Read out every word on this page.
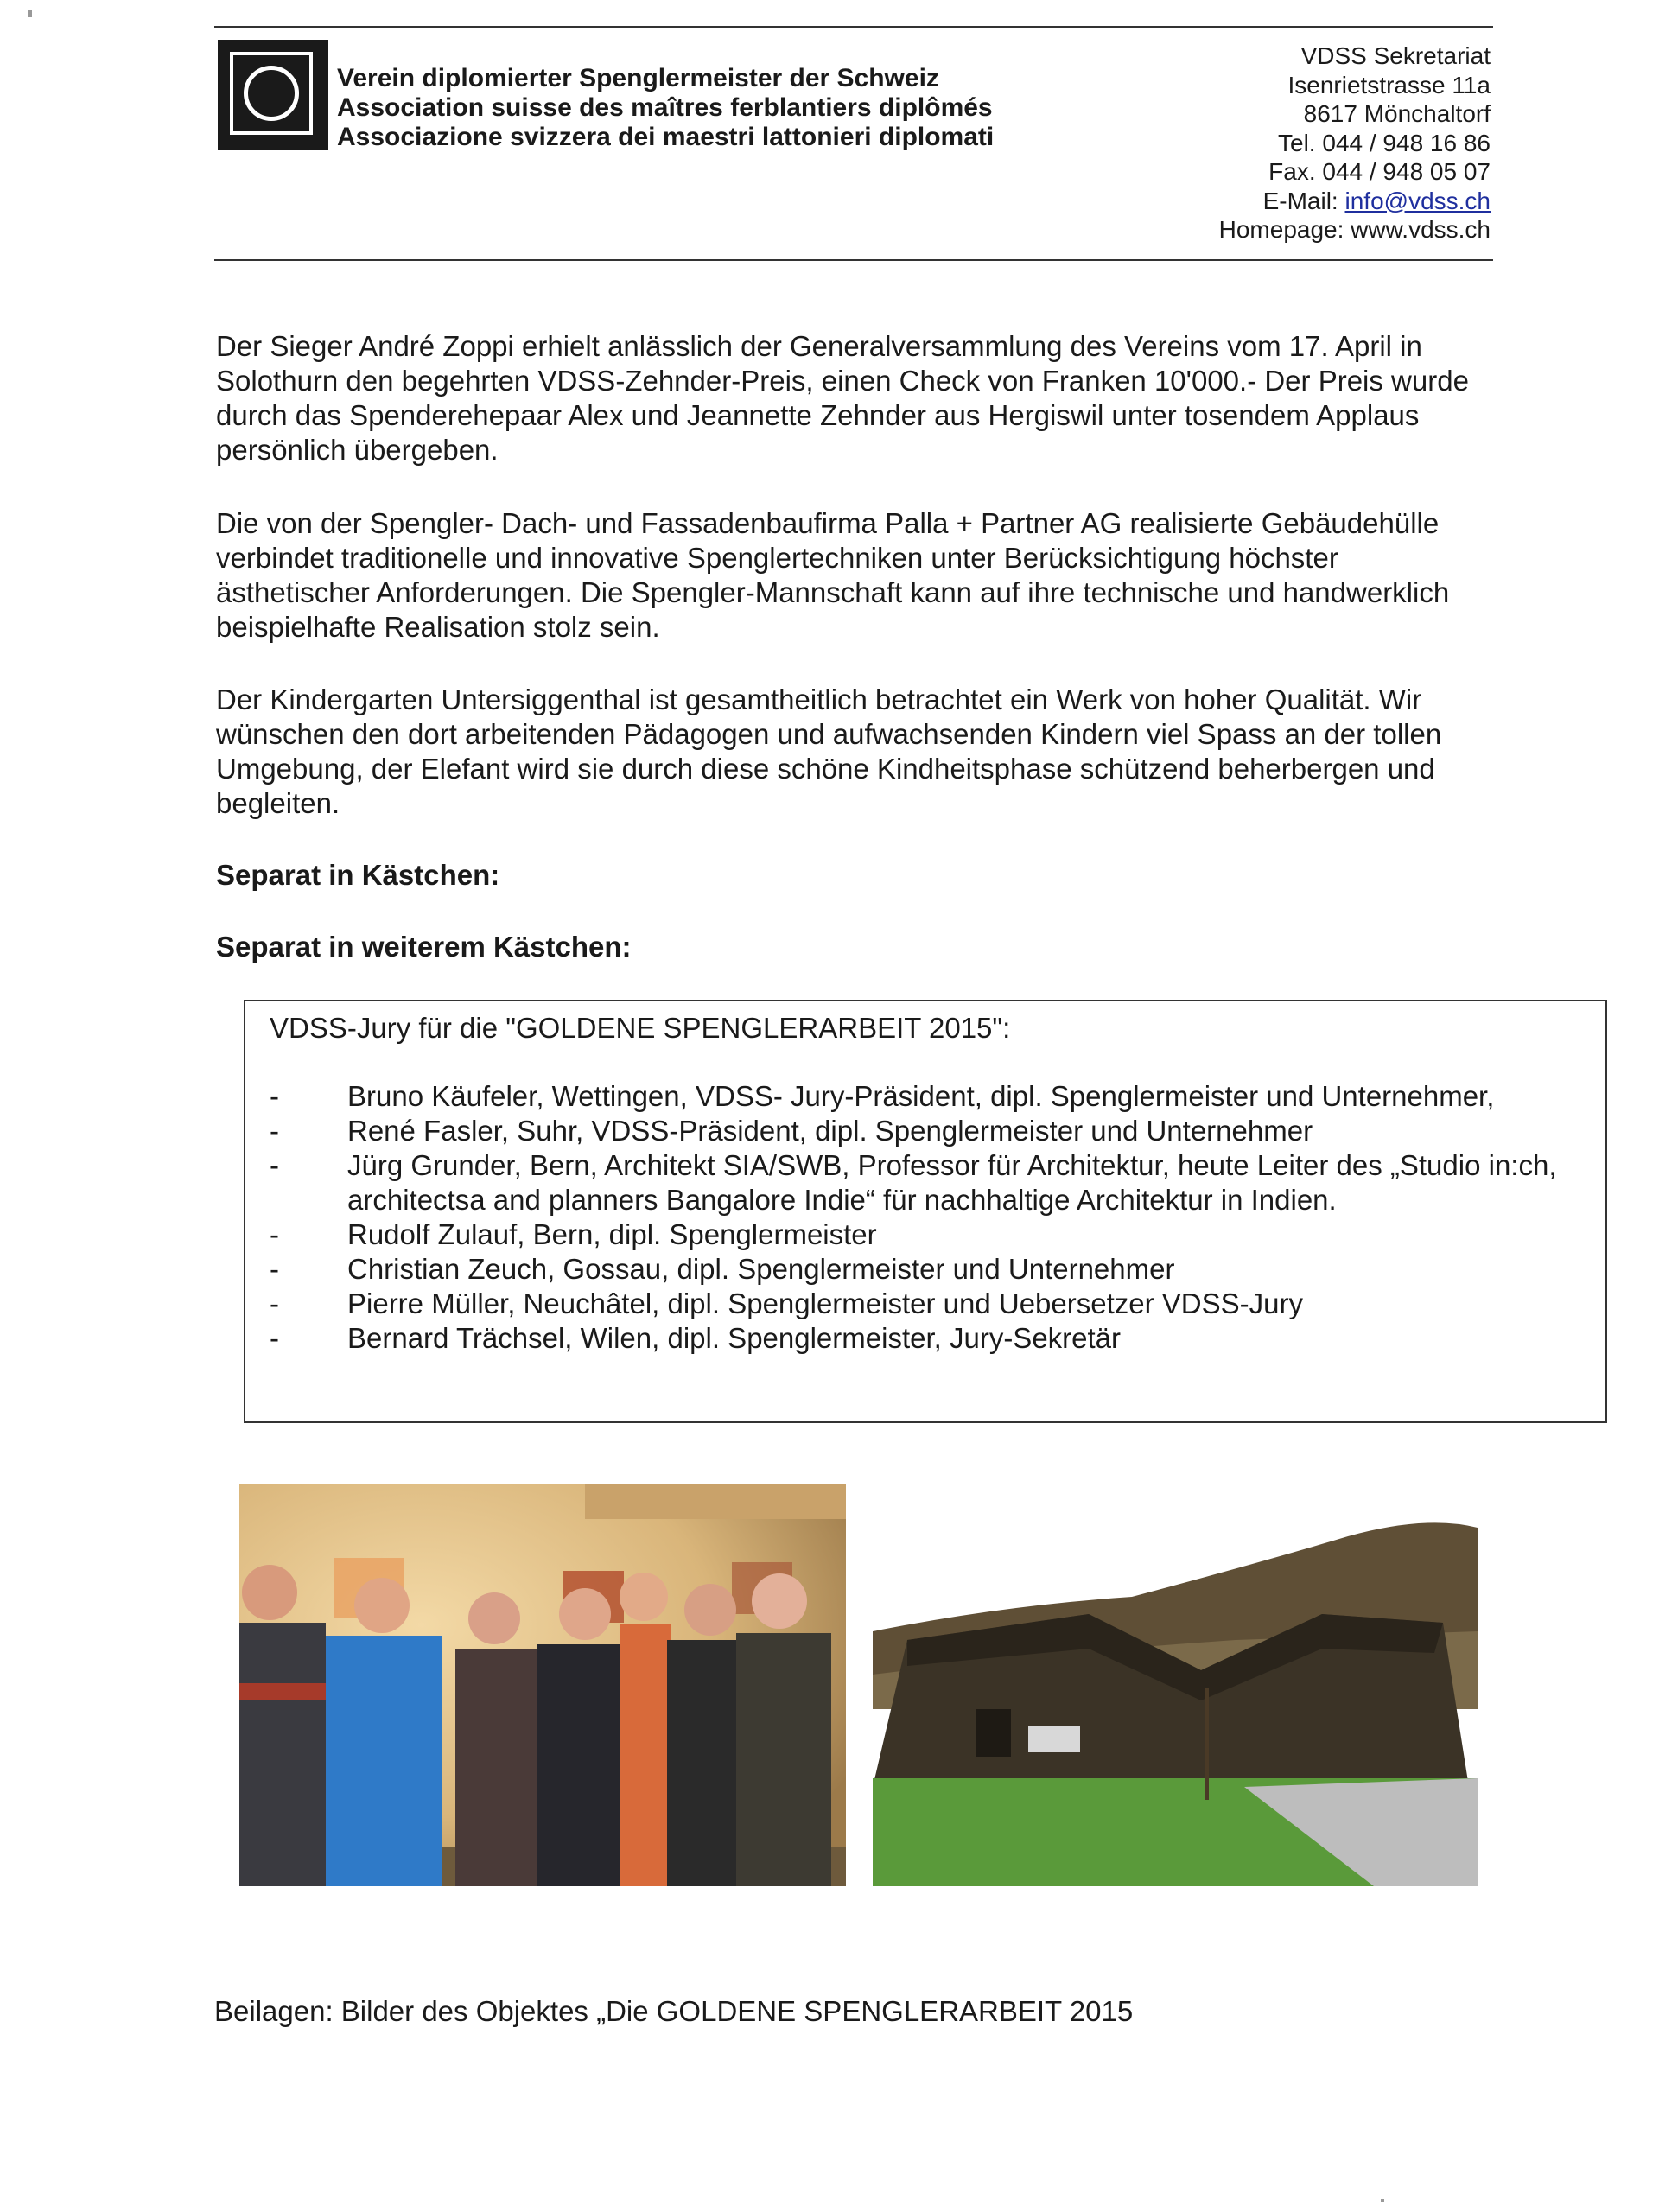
Verein diplomierter Spenglermeister der Schweiz
Association suisse des maîtres ferblantiers diplômés
Associazione svizzera dei maestri lattonieri diplomati
VDSS Sekretariat
Isenrietstrasse 11a
8617 Mönchaltorf
Tel. 044 / 948 16 86
Fax. 044 / 948 05 07
E-Mail: info@vdss.ch
Homepage: www.vdss.ch

Der Sieger André Zoppi erhielt anlässlich der Generalversammlung des Vereins vom 17. April in Solothurn den begehrten VDSS-Zehnder-Preis, einen Check von Franken 10'000.- Der Preis wurde durch das Spenderehepaar Alex und Jeannette Zehnder aus Hergiswil unter tosendem Applaus persönlich übergeben.

Die von der Spengler- Dach- und Fassadenbaufirma Palla + Partner AG realisierte Gebäudehülle verbindet traditionelle und innovative Spenglertechniken unter Berücksichtigung höchster ästhetischer Anforderungen. Die Spengler-Mannschaft kann auf ihre technische und handwerklich beispielhafte Realisation stolz sein.

Der Kindergarten Untersiggenthal ist gesamtheitlich betrachtet ein Werk von hoher Qualität. Wir wünschen den dort arbeitenden Pädagogen und aufwachsenden Kindern viel Spass an der tollen Umgebung, der Elefant wird sie durch diese schöne Kindheitsphase schützend beherbergen und begleiten.

Separat in Kästchen:
Separat in weiterem Kästchen:
VDSS-Jury für die "GOLDENE SPENGLERARBEIT 2015":
- Bruno Käufeler, Wettingen, VDSS- Jury-Präsident, dipl. Spenglermeister und Unternehmer,
- René Fasler, Suhr, VDSS-Präsident, dipl. Spenglermeister und Unternehmer
- Jürg Grunder, Bern, Architekt SIA/SWB, Professor für Architektur, heute Leiter des „Studio in:ch, architectsa and planners Bangalore Indie“ für nachhaltige Architektur in Indien.
- Rudolf Zulauf, Bern, dipl. Spenglermeister
- Christian Zeuch, Gossau, dipl. Spenglermeister und Unternehmer
- Pierre Müller, Neuchâtel, dipl. Spenglermeister und Uebersetzer VDSS-Jury
- Bernard Trächsel, Wilen, dipl. Spenglermeister, Jury-Sekretär
Beilagen: Bilder des Objektes „Die GOLDENE SPENGLERARBEIT 2015
